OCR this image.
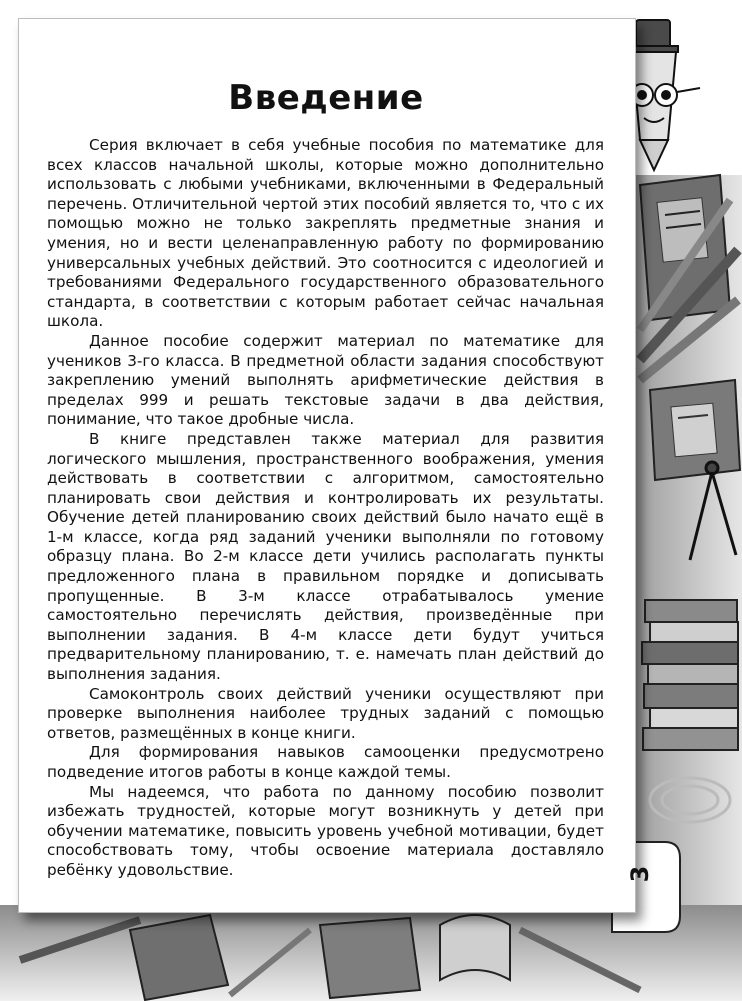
Введение

Серия включает в себя учебные пособия по математике для всех классов начальной школы, которые можно дополнительно использовать с любыми учебниками, включенными в Федеральный перечень. Отличительной чертой этих пособий является то, что с их помощью можно не только закреплять предметные знания и умения, но и вести целенаправленную работу по формированию универсальных учебных действий. Это соотносится с идеологией и требованиями Федерального государственного образовательного стандарта, в соответствии с которым работает сейчас начальная школа.

Данное пособие содержит материал по математике для учеников 3-го класса. В предметной области задания способствуют закреплению умений выполнять арифметические действия в пределах 999 и решать текстовые задачи в два действия, понимание, что такое дробные числа.

В книге представлен также материал для развития логического мышления, пространственного воображения, умения действовать в соответствии с алгоритмом, самостоятельно планировать свои действия и контролировать их результаты. Обучение детей планированию своих действий было начато ещё в 1-м классе, когда ряд заданий ученики выполняли по готовому образцу плана. Во 2-м классе дети учились располагать пункты предложенного плана в правильном порядке и дописывать пропущенные. В 3-м классе отрабатывалось умение самостоятельно перечислять действия, произведённые при выполнении задания. В 4-м классе дети будут учиться предварительному планированию, т. е. намечать план действий до выполнения задания.

Самоконтроль своих действий ученики осуществляют при проверке выполнения наиболее трудных заданий с помощью ответов, размещённых в конце книги.

Для формирования навыков самооценки предусмотрено подведение итогов работы в конце каждой темы.

Мы надеемся, что работа по данному пособию позволит избежать трудностей, которые могут возникнуть у детей при обучении математике, повысить уровень учебной мотивации, будет способствовать тому, чтобы освоение материала доставляло ребёнку удовольствие.	3
